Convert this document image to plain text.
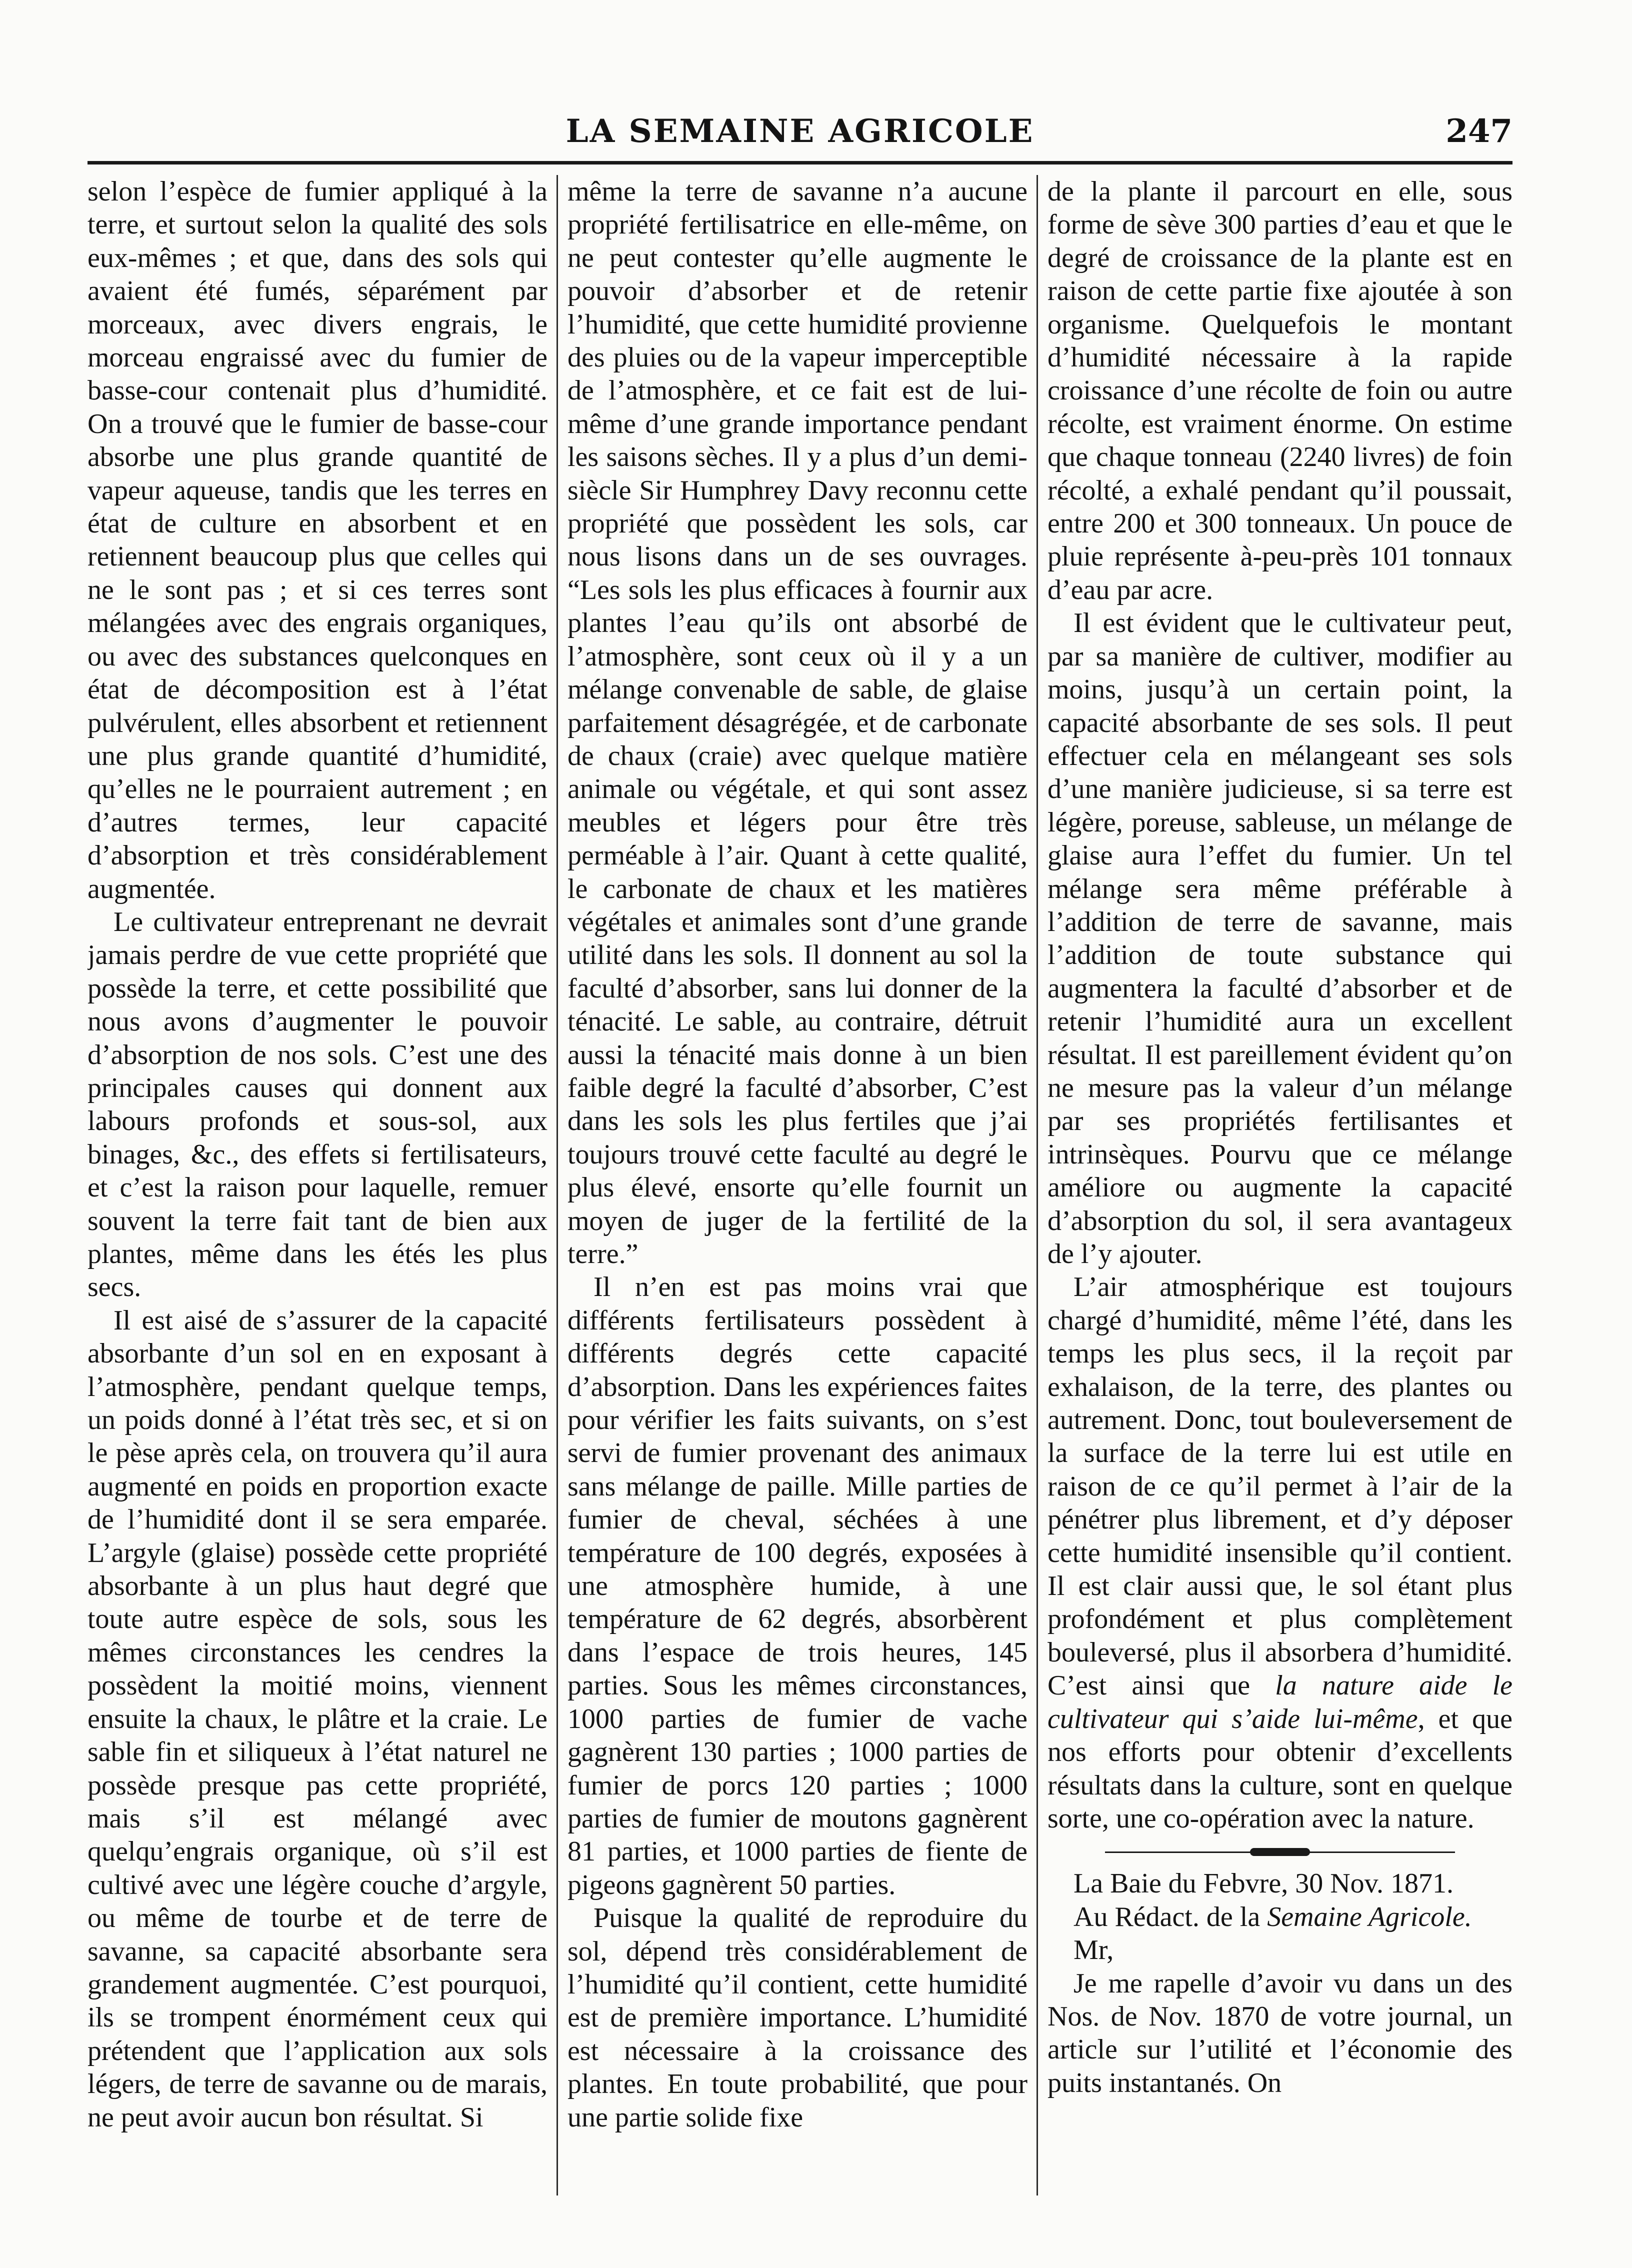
LA SEMAINE AGRICOLE	247

selon l’espèce de fumier appliqué à la terre, et surtout selon la qualité des sols eux-mêmes ; et que, dans des sols qui avaient été fumés, séparément par morceaux, avec divers engrais, le morceau engraissé avec du fumier de basse-cour contenait plus d’humidité. On a trouvé que le fumier de basse-cour absorbe une plus grande quantité de vapeur aqueuse, tandis que les terres en état de culture en absorbent et en retiennent beaucoup plus que celles qui ne le sont pas ; et si ces terres sont mélangées avec des engrais organiques, ou avec des substances quelconques en état de décomposition est à l’état pulvérulent, elles absorbent et retiennent une plus grande quantité d’humidité, qu’elles ne le pourraient autrement ; en d’autres termes, leur capacité d’absorption et très considérablement augmentée.

Le cultivateur entreprenant ne devrait jamais perdre de vue cette propriété que possède la terre, et cette possibilité que nous avons d’augmenter le pouvoir d’absorption de nos sols. C’est une des principales causes qui donnent aux labours profonds et sous-sol, aux binages, &c., des effets si fertilisateurs, et c’est la raison pour laquelle, remuer souvent la terre fait tant de bien aux plantes, même dans les étés les plus secs.

Il est aisé de s’assurer de la capacité absorbante d’un sol en en exposant à l’atmosphère, pendant quelque temps, un poids donné à l’état très sec, et si on le pèse après cela, on trouvera qu’il aura augmenté en poids en proportion exacte de l’humidité dont il se sera emparée. L’argyle (glaise) possède cette propriété absorbante à un plus haut degré que toute autre espèce de sols, sous les mêmes circonstances les cendres la possèdent la moitié moins, viennent ensuite la chaux, le plâtre et la craie. Le sable fin et siliqueux à l’état naturel ne possède presque pas cette propriété, mais s’il est mélangé avec quelqu’engrais organique, où s’il est cultivé avec une légère couche d’argyle, ou même de tourbe et de terre de savanne, sa capacité absorbante sera grandement augmentée. C’est pourquoi, ils se trompent énormément ceux qui prétendent que l’application aux sols légers, de terre de savanne ou de marais, ne peut avoir aucun bon résultat. Si

même la terre de savanne n’a aucune propriété fertilisatrice en elle-même, on ne peut contester qu’elle augmente le pouvoir d’absorber et de retenir l’humidité, que cette humidité provienne des pluies ou de la vapeur imperceptible de l’atmosphère, et ce fait est de lui-même d’une grande importance pendant les saisons sèches. Il y a plus d’un demi-siècle Sir Humphrey Davy reconnu cette propriété que possèdent les sols, car nous lisons dans un de ses ouvrages. “Les sols les plus efficaces à fournir aux plantes l’eau qu’ils ont absorbé de l’atmosphère, sont ceux où il y a un mélange convenable de sable, de glaise parfaitement désagrégée, et de carbonate de chaux (craie) avec quelque matière animale ou végétale, et qui sont assez meubles et légers pour être très perméable à l’air. Quant à cette qualité, le carbonate de chaux et les matières végétales et animales sont d’une grande utilité dans les sols. Il donnent au sol la faculté d’absorber, sans lui donner de la ténacité. Le sable, au contraire, détruit aussi la ténacité mais donne à un bien faible degré la faculté d’absorber, C’est dans les sols les plus fertiles que j’ai toujours trouvé cette faculté au degré le plus élevé, ensorte qu’elle fournit un moyen de juger de la fertilité de la terre.”

Il n’en est pas moins vrai que différents fertilisateurs possèdent à différents degrés cette capacité d’absorption. Dans les expériences faites pour vérifier les faits suivants, on s’est servi de fumier provenant des animaux sans mélange de paille. Mille parties de fumier de cheval, séchées à une température de 100 degrés, exposées à une atmosphère humide, à une température de 62 degrés, absorbèrent dans l’espace de trois heures, 145 parties. Sous les mêmes circonstances, 1000 parties de fumier de vache gagnèrent 130 parties ; 1000 parties de fumier de porcs 120 parties ; 1000 parties de fumier de moutons gagnèrent 81 parties, et 1000 parties de fiente de pigeons gagnèrent 50 parties.

Puisque la qualité de reproduire du sol, dépend très considérablement de l’humidité qu’il contient, cette humidité est de première importance. L’humidité est nécessaire à la croissance des plantes. En toute probabilité, que pour une partie solide fixe

de la plante il parcourt en elle, sous forme de sève 300 parties d’eau et que le degré de croissance de la plante est en raison de cette partie fixe ajoutée à son organisme. Quelquefois le montant d’humidité nécessaire à la rapide croissance d’une récolte de foin ou autre récolte, est vraiment énorme. On estime que chaque tonneau (2240 livres) de foin récolté, a exhalé pendant qu’il poussait, entre 200 et 300 tonneaux. Un pouce de pluie représente à-peu-près 101 tonnaux d’eau par acre.

Il est évident que le cultivateur peut, par sa manière de cultiver, modifier au moins, jusqu’à un certain point, la capacité absorbante de ses sols. Il peut effectuer cela en mélangeant ses sols d’une manière judicieuse, si sa terre est légère, poreuse, sableuse, un mélange de glaise aura l’effet du fumier. Un tel mélange sera même préférable à l’addition de terre de savanne, mais l’addition de toute substance qui augmentera la faculté d’absorber et de retenir l’humidité aura un excellent résultat. Il est pareillement évident qu’on ne mesure pas la valeur d’un mélange par ses propriétés fertilisantes et intrinsèques. Pourvu que ce mélange améliore ou augmente la capacité d’absorption du sol, il sera avantageux de l’y ajouter.

L’air atmosphérique est toujours chargé d’humidité, même l’été, dans les temps les plus secs, il la reçoit par exhalaison, de la terre, des plantes ou autrement. Donc, tout bouleversement de la surface de la terre lui est utile en raison de ce qu’il permet à l’air de la pénétrer plus librement, et d’y déposer cette humidité insensible qu’il contient. Il est clair aussi que, le sol étant plus profondément et plus complètement bouleversé, plus il absorbera d’humidité. C’est ainsi que la nature aide le cultivateur qui s’aide lui-même, et que nos efforts pour obtenir d’excellents résultats dans la culture, sont en quelque sorte, une co-opération avec la nature.

La Baie du Febvre, 30 Nov. 1871.

Au Rédact. de la Semaine Agricole.

Mr,

Je me rapelle d’avoir vu dans un des Nos. de Nov. 1870 de votre journal, un article sur l’utilité et l’économie des puits instantanés. On
